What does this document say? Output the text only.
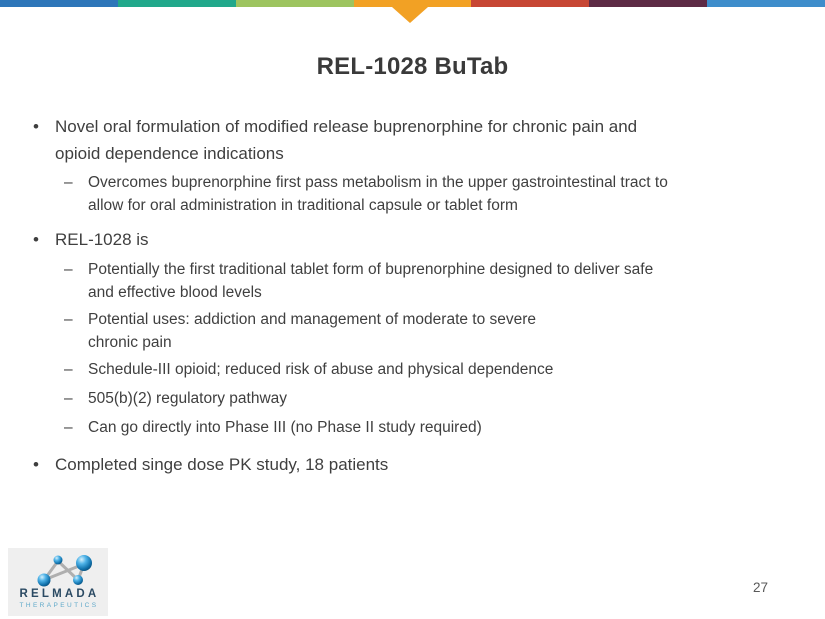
REL-1028 BuTab
• Novel oral formulation of modified release buprenorphine for chronic pain and
opioid dependence indications
– Overcomes buprenorphine first pass metabolism in the upper gastrointestinal tract to
allow for oral administration in traditional capsule or tablet form
• REL-1028 is
– Potentially the first traditional tablet form of buprenorphine designed to deliver safe
and effective blood levels
– Potential uses: addiction and management of moderate to severe
chronic pain
– Schedule-III opioid; reduced risk of abuse and physical dependence
– 505(b)(2) regulatory pathway
– Can go directly into Phase III (no Phase II study required)
• Completed singe dose PK study, 18 patients
RELMADA
THERAPEUTICS
27
